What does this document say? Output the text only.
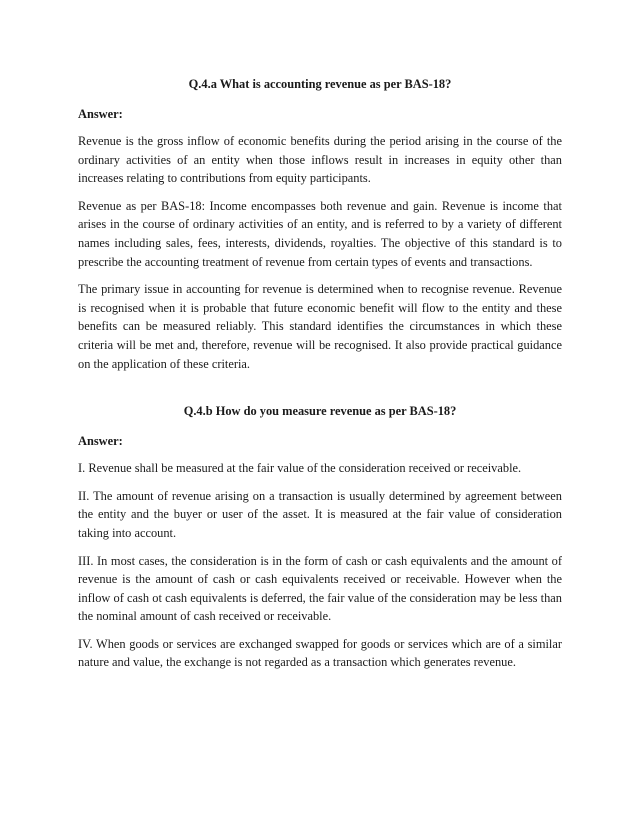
Q.4.a What is accounting revenue as per BAS-18?
Answer:

Revenue is the gross inflow of economic benefits during the period arising in the course of the ordinary activities of an entity when those inflows result in increases in equity other than increases relating to contributions from equity participants.

Revenue as per BAS-18: Income encompasses both revenue and gain. Revenue is income that arises in the course of ordinary activities of an entity, and is referred to by a variety of different names including sales, fees, interests, dividends, royalties. The objective of this standard is to prescribe the accounting treatment of revenue from certain types of events and transactions.

The primary issue in accounting for revenue is determined when to recognise revenue. Revenue is recognised when it is probable that future economic benefit will flow to the entity and these benefits can be measured reliably. This standard identifies the circumstances in which these criteria will be met and, therefore, revenue will be recognised. It also provide practical guidance on the application of these criteria.

Q.4.b How do you measure revenue as per BAS-18?
Answer:

I. Revenue shall be measured at the fair value of the consideration received or receivable.

II. The amount of revenue arising on a transaction is usually determined by agreement between the entity and the buyer or user of the asset. It is measured at the fair value of consideration taking into account.

III. In most cases, the consideration is in the form of cash or cash equivalents and the amount of revenue is the amount of cash or cash equivalents received or receivable. However when the inflow of cash ot cash equivalents is deferred, the fair value of the consideration may be less than the nominal amount of cash received or receivable.

IV. When goods or services are exchanged swapped for goods or services which are of a similar nature and value, the exchange is not regarded as a transaction which generates revenue.
